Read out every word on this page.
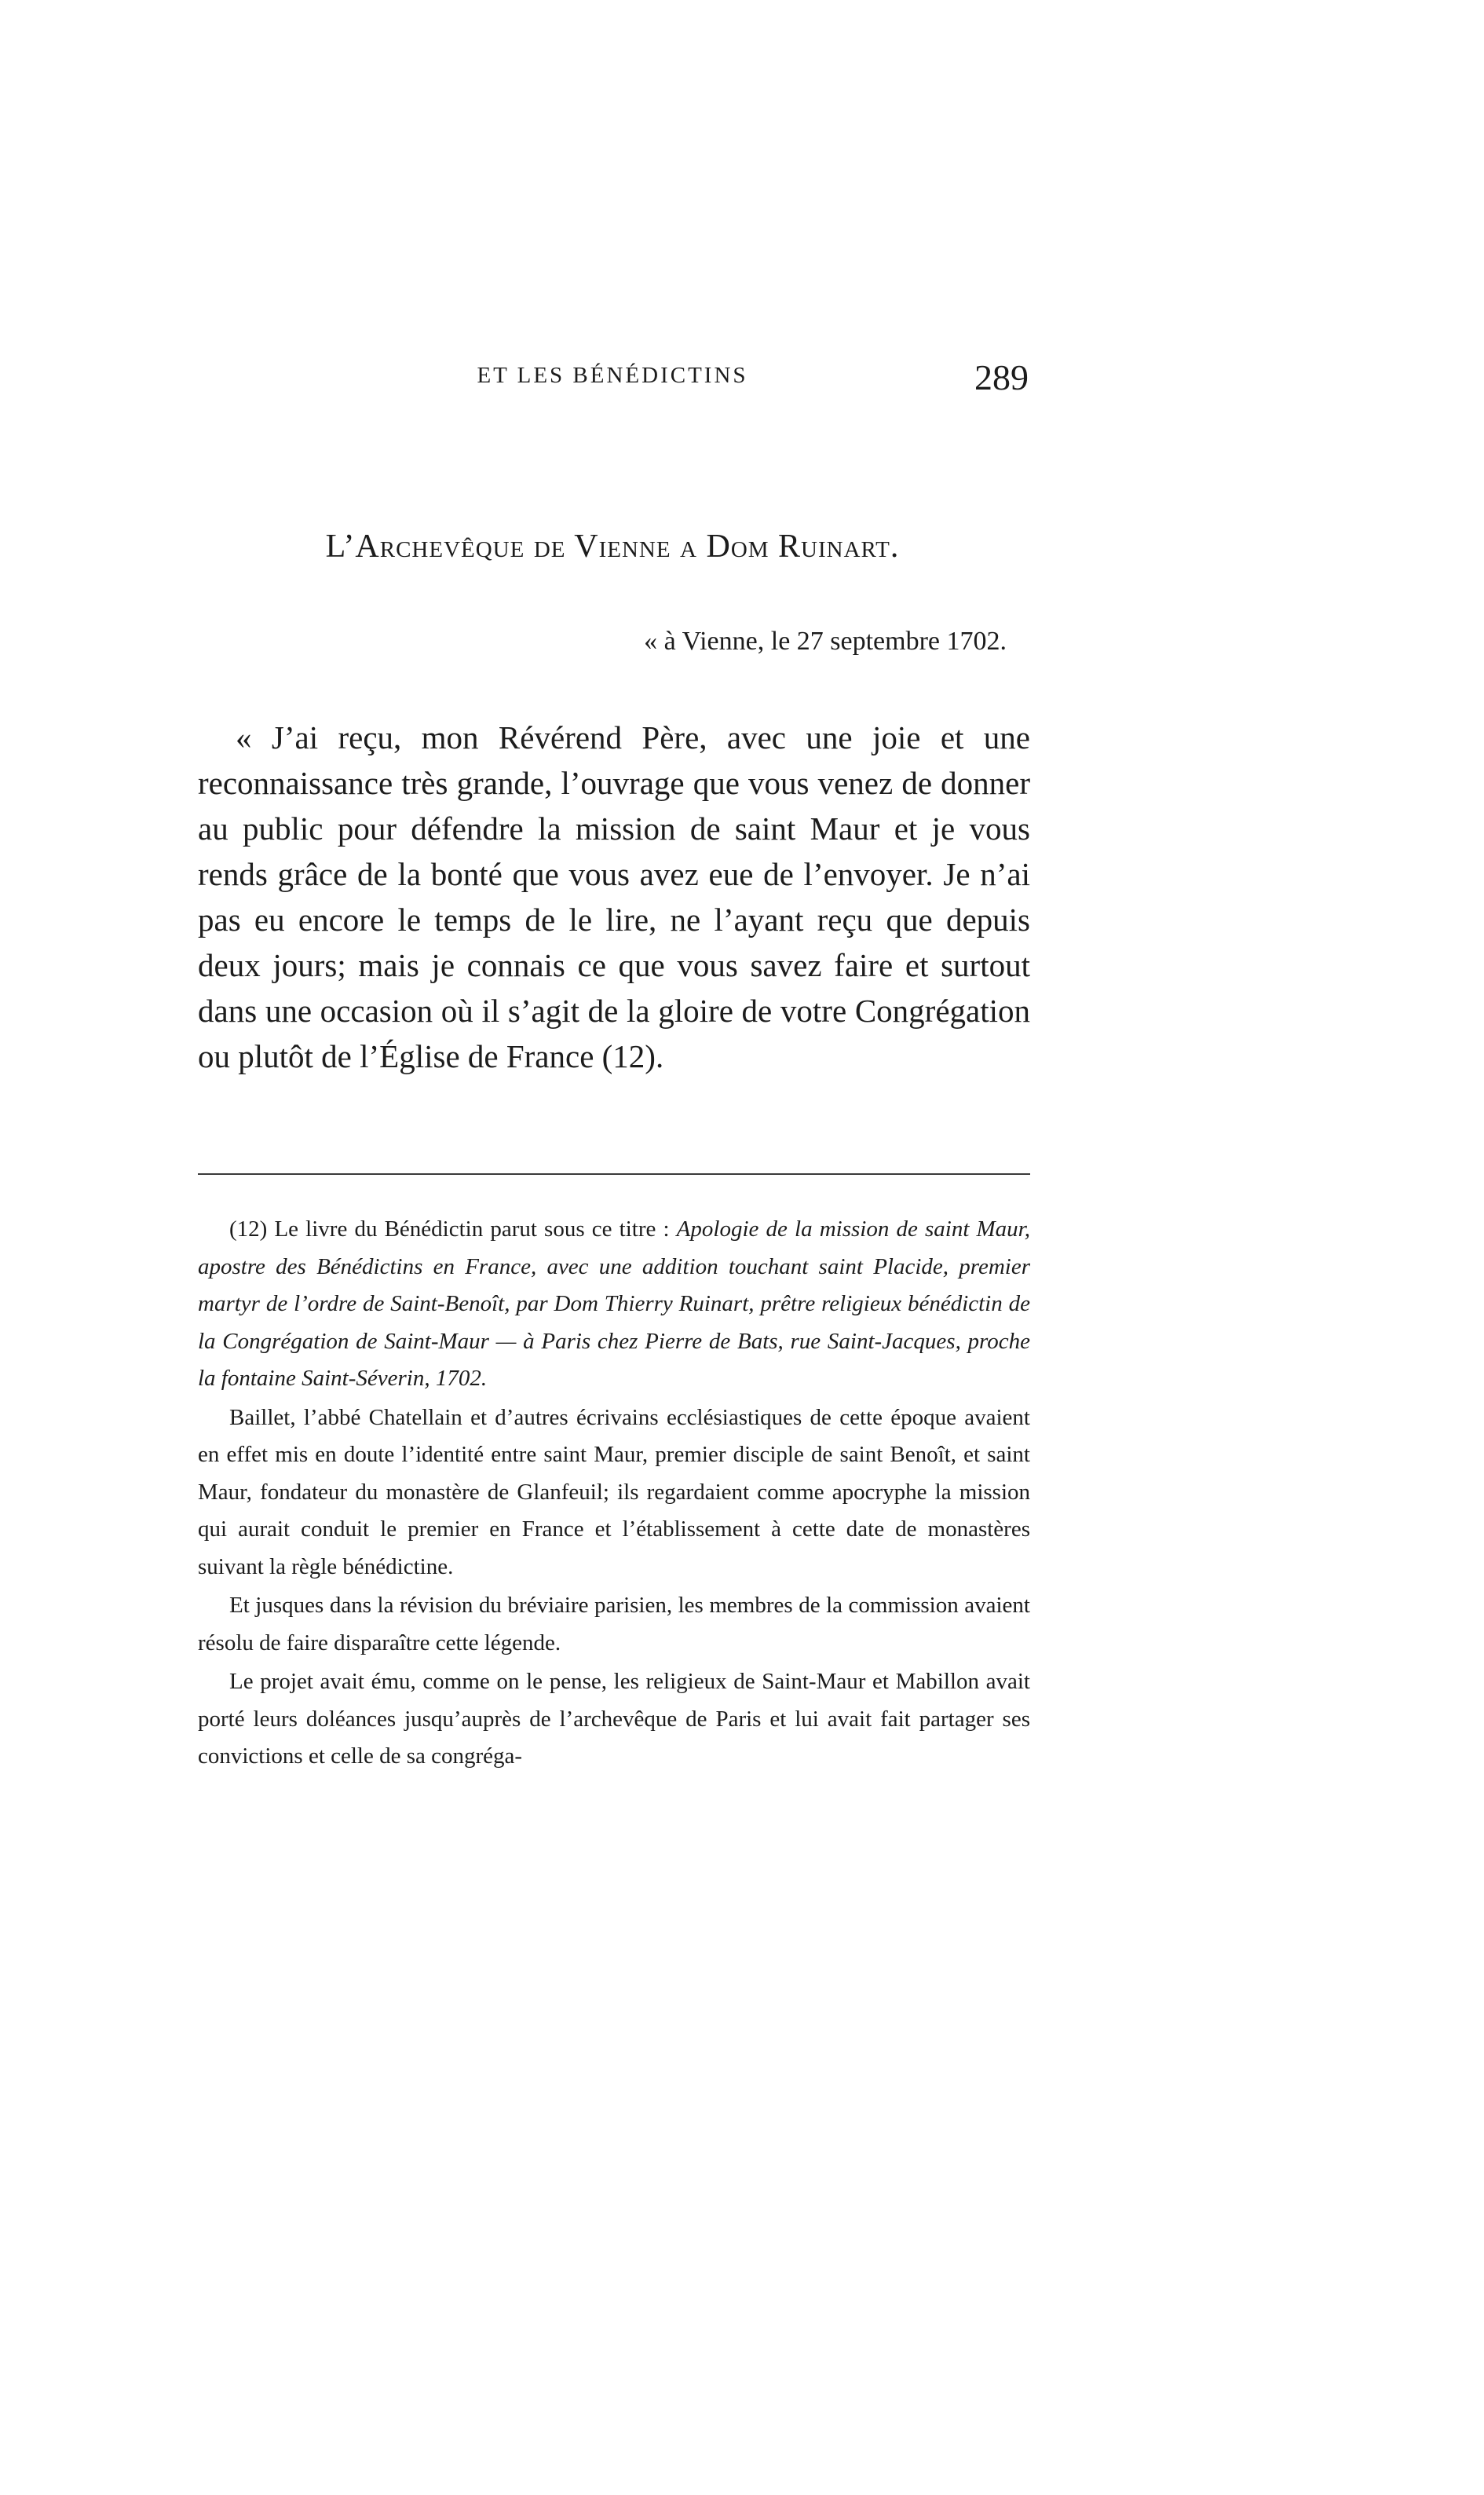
ET LES BÉNÉDICTINS	289
L’Archevêque de Vienne a Dom Ruinart.
« à Vienne, le 27 septembre 1702.

« J’ai reçu, mon Révérend Père, avec une joie et une reconnaissance très grande, l’ouvrage que vous venez de donner au public pour défendre la mission de saint Maur et je vous rends grâce de la bonté que vous avez eue de l’envoyer. Je n’ai pas eu encore le temps de le lire, ne l’ayant reçu que depuis deux jours; mais je connais ce que vous savez faire et surtout dans une occasion où il s’agit de la gloire de votre Congrégation ou plutôt de l’Église de France (12).

(12) Le livre du Bénédictin parut sous ce titre : Apologie de la mission de saint Maur, apostre des Bénédictins en France, avec une addition touchant saint Placide, premier martyr de l’ordre de Saint-Benoît, par Dom Thierry Ruinart, prêtre religieux bénédictin de la Congrégation de Saint-Maur — à Paris chez Pierre de Bats, rue Saint-Jacques, proche la fontaine Saint-Séverin, 1702.

Baillet, l’abbé Chatellain et d’autres écrivains ecclésiastiques de cette époque avaient en effet mis en doute l’identité entre saint Maur, premier disciple de saint Benoît, et saint Maur, fondateur du monastère de Glanfeuil; ils regardaient comme apocryphe la mission qui aurait conduit le premier en France et l’établissement à cette date de monastères suivant la règle bénédictine.

Et jusques dans la révision du bréviaire parisien, les membres de la commission avaient résolu de faire disparaître cette légende.

Le projet avait ému, comme on le pense, les religieux de Saint-Maur et Mabillon avait porté leurs doléances jusqu’auprès de l’archevêque de Paris et lui avait fait partager ses convictions et celle de sa congréga-
